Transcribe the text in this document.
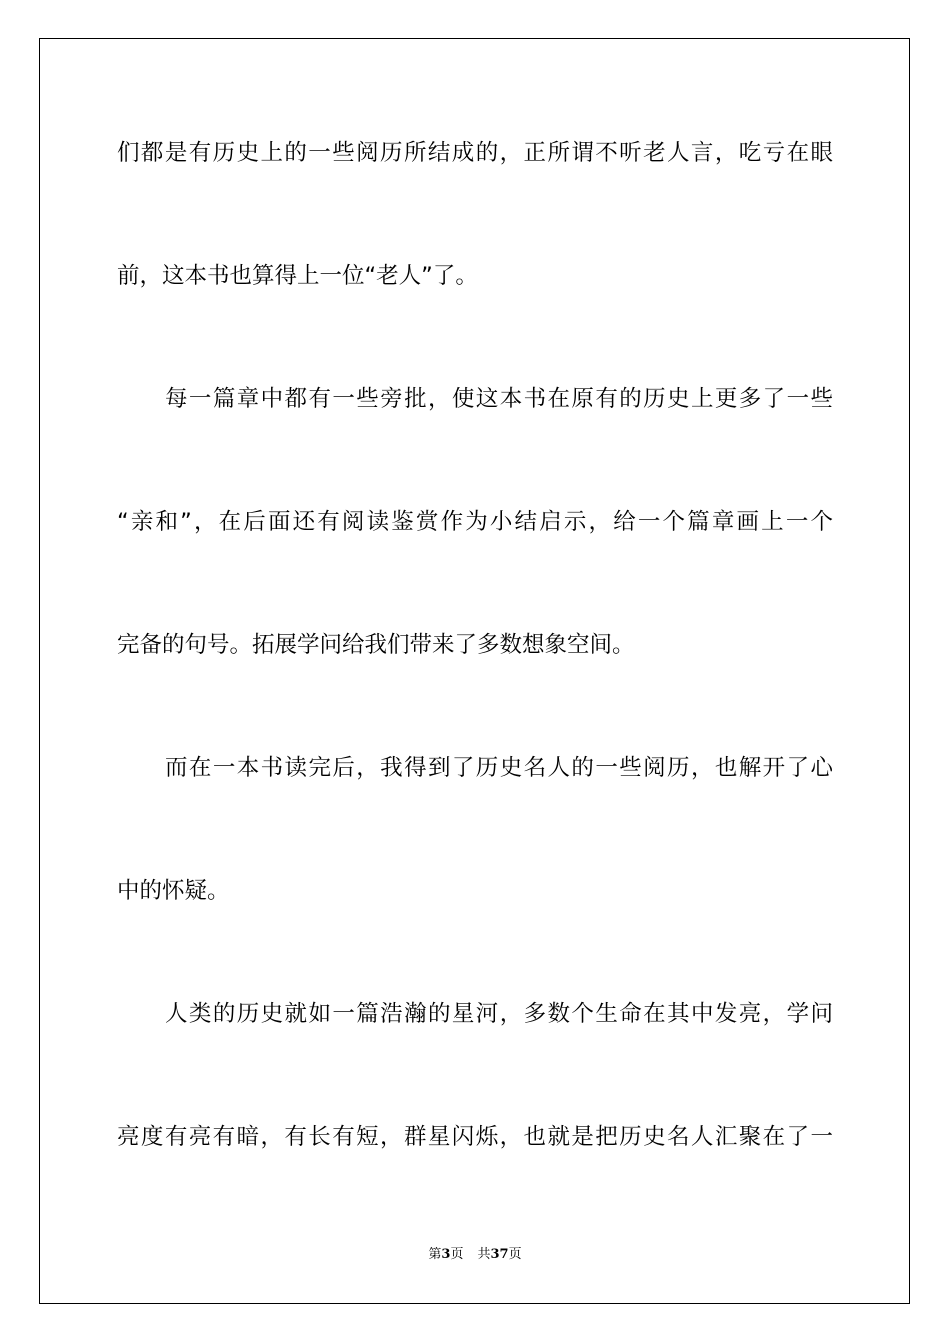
们都是有历史上的一些阅历所结成的，正所谓不听老人言，吃亏在眼
前，这本书也算得上一位“老人”了。
每一篇章中都有一些旁批，使这本书在原有的历史上更多了一些
“亲和”，在后面还有阅读鉴赏作为小结启示，给一个篇章画上一个
完备的句号。拓展学问给我们带来了多数想象空间。
而在一本书读完后，我得到了历史名人的一些阅历，也解开了心
中的怀疑。
人类的历史就如一篇浩瀚的星河，多数个生命在其中发亮，学问
亮度有亮有暗，有长有短，群星闪烁，也就是把历史名人汇聚在了一
第3页 共37页
